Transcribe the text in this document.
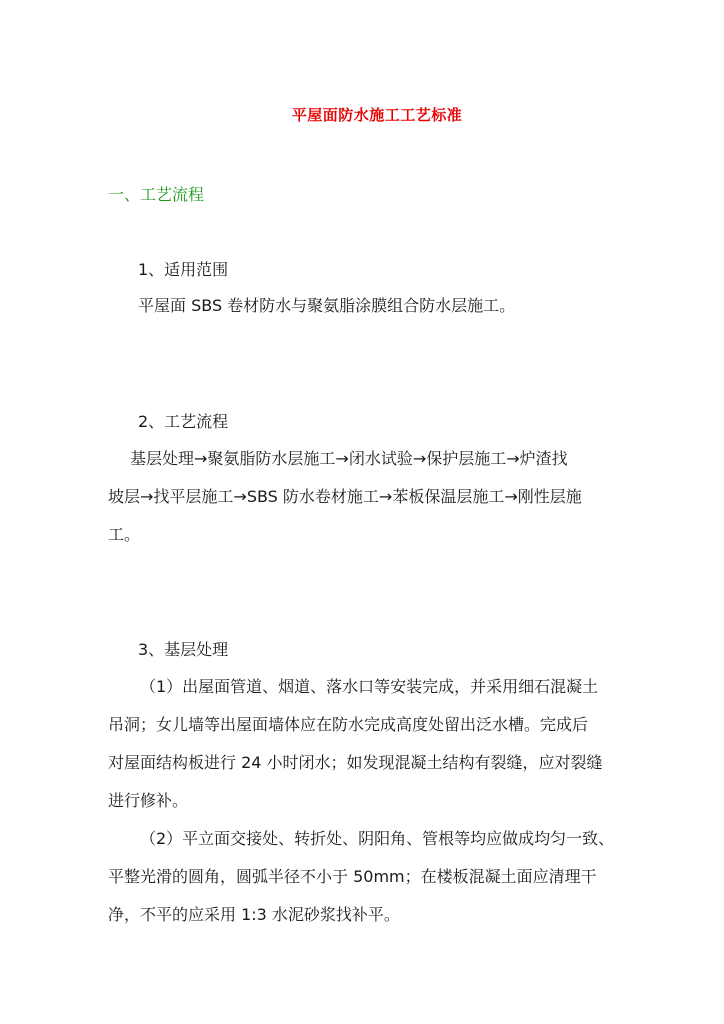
平屋面防水施工工艺标准
一、工艺流程
1、适用范围
平屋面 SBS 卷材防水与聚氨脂涂膜组合防水层施工。
2、工艺流程
基层处理→聚氨脂防水层施工→闭水试验→保护层施工→炉渣找
坡层→找平层施工→SBS 防水卷材施工→苯板保温层施工→刚性层施
工。
3、基层处理
（1）出屋面管道、烟道、落水口等安装完成，并采用细石混凝土
吊洞；女儿墙等出屋面墙体应在防水完成高度处留出泛水槽。完成后
对屋面结构板进行 24 小时闭水；如发现混凝土结构有裂缝，应对裂缝
进行修补。
（2）平立面交接处、转折处、阴阳角、管根等均应做成均匀一致、
平整光滑的圆角，圆弧半径不小于 50mm；在楼板混凝土面应清理干
净，不平的应采用 1:3 水泥砂浆找补平。
